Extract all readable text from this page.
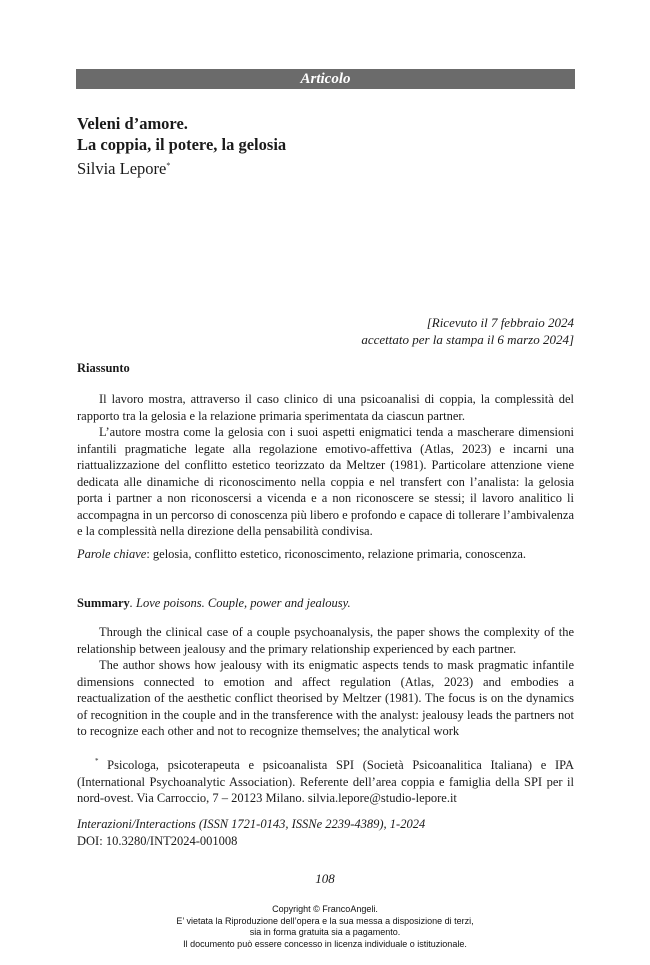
Articolo
Veleni d’amore.
La coppia, il potere, la gelosia
Silvia Lepore*
[Ricevuto il 7 febbraio 2024
accettato per la stampa il 6 marzo 2024]
Riassunto

Il lavoro mostra, attraverso il caso clinico di una psicoanalisi di coppia, la complessità del rapporto tra la gelosia e la relazione primaria sperimentata da ciascun partner.

L’autore mostra come la gelosia con i suoi aspetti enigmatici tenda a mascherare dimensioni infantili pragmatiche legate alla regolazione emotivo-affettiva (Atlas, 2023) e incarni una riattualizzazione del conflitto estetico teorizzato da Meltzer (1981). Particolare attenzione viene dedicata alle dinamiche di riconoscimento nella coppia e nel transfert con l’analista: la gelosia porta i partner a non riconoscersi a vicenda e a non riconoscere se stessi; il lavoro analitico li accompagna in un percorso di conoscenza più libero e profondo e capace di tollerare l’ambivalenza e la complessità nella direzione della pensabilità condivisa.

Parole chiave: gelosia, conflitto estetico, riconoscimento, relazione primaria, conoscenza.
Summary. Love poisons. Couple, power and jealousy.

Through the clinical case of a couple psychoanalysis, the paper shows the complexity of the relationship between jealousy and the primary relationship experienced by each partner.

The author shows how jealousy with its enigmatic aspects tends to mask pragmatic infantile dimensions connected to emotion and affect regulation (Atlas, 2023) and embodies a reactualization of the aesthetic conflict theorised by Meltzer (1981). The focus is on the dynamics of recognition in the couple and in the transference with the analyst: jealousy leads the partners not to recognize each other and not to recognize themselves; the analytical work

* Psicologa, psicoterapeuta e psicoanalista SPI (Società Psicoanalitica Italiana) e IPA (International Psychoanalytic Association). Referente dell’area coppia e famiglia della SPI per il nord-ovest. Via Carroccio, 7 – 20123 Milano. silvia.lepore@studio-lepore.it
Interazioni/Interactions (ISSN 1721-0143, ISSNe 2239-4389), 1-2024
DOI: 10.3280/INT2024-001008
108
Copyright © FrancoAngeli.
E’ vietata la Riproduzione dell’opera e la sua messa a disposizione di terzi,
sia in forma gratuita sia a pagamento.
Il documento può essere concesso in licenza individuale o istituzionale.
